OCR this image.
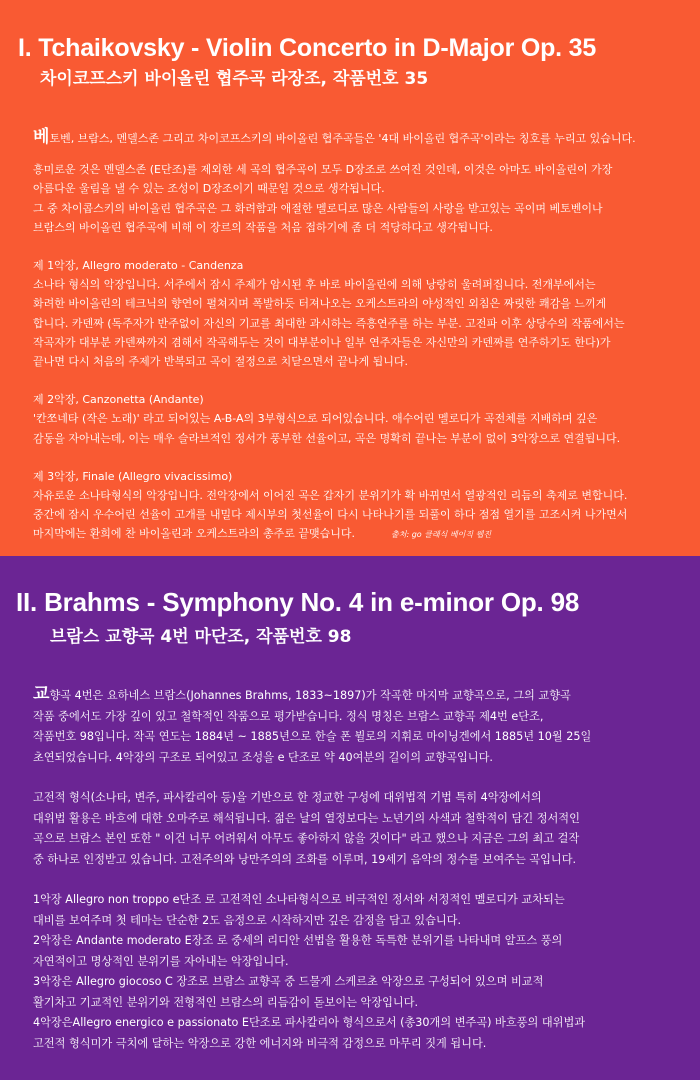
I. Tchaikovsky - Violin Concerto in D-Major Op. 35
차이코프스키 바이올린 협주곡 라장조, 작품번호 35

베토벤, 브람스, 멘델스존 그리고 차이코프스키의 바이올린 협주곡들은 '4대 바이올린 협주곡'이라는 칭호를 누리고 있습니다.

흥미로운 것은 멘델스존 (E단조)를 제외한 세 곡의 협주곡이 모두 D장조로 쓰여진 것인데, 이것은 아마도 바이올린이 가장

아름다운 울림을 낼 수 있는 조성이 D장조이기 때문일 것으로 생각됩니다.

그 중 차이콥스키의 바이올린 협주곡은 그 화려함과 애절한 멜로디로 많은 사람들의 사랑을 받고있는 곡이며 베토벤이나

브람스의 바이올린 협주곡에 비해 이 장르의 작품을 처음 접하기에 좀 더 적당하다고 생각됩니다.

제 1악장, Allegro moderato - Candenza

소나타 형식의 악장입니다. 서주에서 잠시 주제가 암시된 후 바로 바이올린에 의해 낭랑히 울려퍼집니다. 전개부에서는

화려한 바이올린의 테크닉의 향연이 펼쳐지며 폭발하듯 터져나오는 오케스트라의 야성적인 외침은 짜릿한 쾌감을 느끼게

합니다. 카덴짜 (독주자가 반주없이 자신의 기교를 최대한 과시하는 즉흥연주를 하는 부분. 고전파 이후 상당수의 작품에서는

작곡자가 대부분 카덴짜까지 겸해서 작곡해두는 것이 대부분이나 일부 연주자들은 자신만의 카덴짜를 연주하기도 한다)가

끝나면 다시 처음의 주제가 반복되고 곡이 절정으로 치닫으면서 끝나게 됩니다.

제 2악장, Canzonetta (Andante)

'칸쪼네타 (작은 노래)' 라고 되어있는 A-B-A의 3부형식으로 되어있습니다. 애수어린 멜로디가 곡전체를 지배하며 깊은

감동을 자아내는데, 이는 매우 슬라브적인 정서가 풍부한 선율이고, 곡은 명확히 끝나는 부분이 없이 3악장으로 연결됩니다.

제 3악장, Finale (Allegro vivacissimo)

자유로운 소나타형식의 악장입니다. 전악장에서 이어진 곡은 갑자기 분위기가 확 바뀌면서 열광적인 리듬의 축제로 변합니다.

중간에 잠시 우수어린 선율이 고개를 내밀다 제시부의 첫선율이 다시 나타나기를 되풀이 하다 점점 열기를 고조시켜 나가면서

마지막에는 환희에 찬 바이올린과 오케스트라의 총주로 끝맺습니다.	출처: go 클래식 베이직 웹진

II. Brahms - Symphony No. 4 in e-minor Op. 98
브람스 교향곡 4번 마단조, 작품번호 98

교향곡 4번은 요하네스 브람스(Johannes Brahms, 1833~1897)가 작곡한 마지막 교향곡으로, 그의 교향곡

작품 중에서도 가장 깊이 있고 철학적인 작품으로 평가받습니다. 정식 명칭은 브람스 교향곡 제4번 e단조,

작품번호 98입니다. 작곡 연도는 1884년 ~ 1885년으로 한슬 폰 뷜로의 지휘로 마이닝겐에서 1885년 10월 25일

초연되었습니다. 4악장의 구조로 되어있고 조성을 e 단조로 약 40여분의 길이의 교향곡입니다.

고전적 형식(소나타, 변주, 파사칼리아 등)을 기반으로 한 정교한 구성에 대위법적 기법 특히 4악장에서의

대위법 활용은 바흐에 대한 오마주로 해석됩니다. 젊은 날의 열정보다는 노년기의 사색과 철학적이 담긴 정서적인

곡으로 브람스 본인 또한 " 이건 너무 어려워서 아무도 좋아하지 않을 것이다" 라고 했으나 지금은 그의 최고 걸작

중 하나로 인정받고 있습니다. 고전주의와 낭만주의의 조화를 이루며, 19세기 음악의 정수를 보여주는 곡입니다.

1악장 Allegro non troppo e단조 로 고전적인 소나타형식으로 비극적인 정서와 서정적인 멜로디가 교차되는

대비를 보여주며 첫 테마는 단순한 2도 음정으로 시작하지만 깊은 감정을 담고 있습니다.

2악장은 Andante moderato E장조 로 중세의 리디안 선법을 활용한 독특한 분위기를 나타내며 알프스 풍의

자연적이고 명상적인 분위기를 자아내는 악장입니다.

3악장은 Allegro giocoso C 장조로 브람스 교향곡 중 드물게 스케르초 악장으로 구성되어 있으며 비교적

활기차고 기교적인 분위기와 전형적인 브람스의 리듬감이 돋보이는 악장입니다.

4악장은Allegro energico e passionato E단조로 파사칼리아 형식으로서 (총30개의 변주곡) 바흐풍의 대위법과

고전적 형식미가 극치에 달하는 악장으로 강한 에너지와 비극적 감정으로 마무리 짓게 됩니다.
